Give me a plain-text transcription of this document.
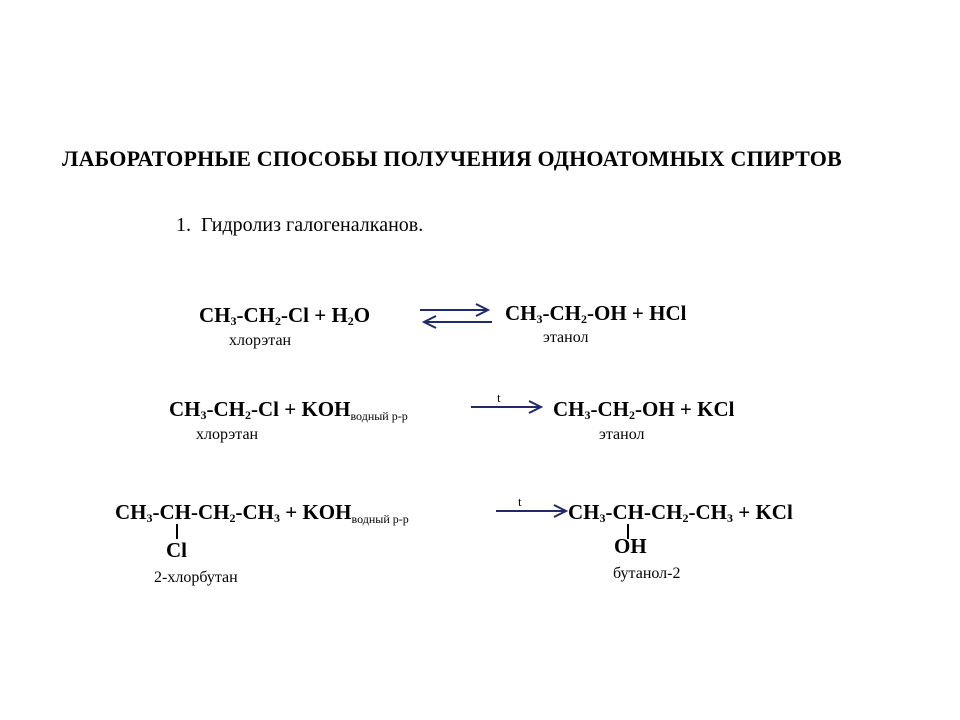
ЛАБОРАТОРНЫЕ СПОСОБЫ ПОЛУЧЕНИЯ ОДНОАТОМНЫХ СПИРТОВ
1. Гидролиз галогеналканов.
$CH_3-CH_2-Cl + H_2O$	$CH_3-CH_2-OH$ + HCl
хлорэтан	этанол
$CH_3-CH_2-Cl$ + KOHводный р-р
t $CH_3-CH_2-OH$ + KCl
хлорэтан	этанол
$CH_3-CH-CH_2-CH_3$ + KOHводный р-р
t $CH_3-CH-CH_2-CH_3$ + KCl
Cl	OH
2-хлорбутан	бутанол-2
